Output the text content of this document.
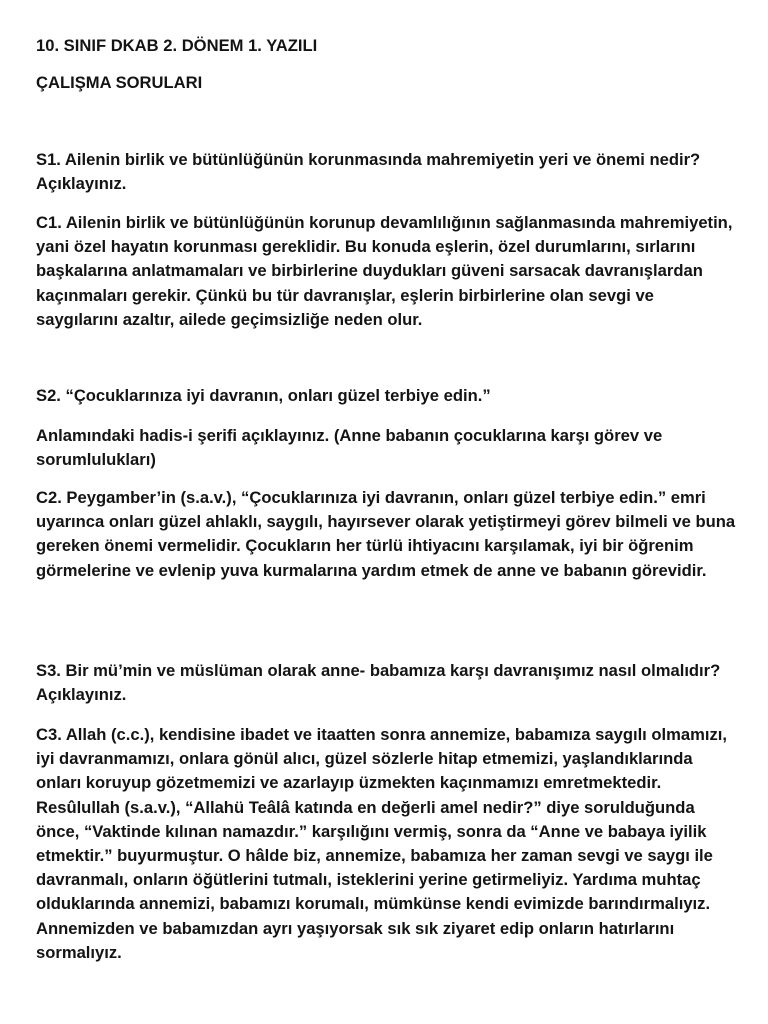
10. SINIF DKAB 2. DÖNEM 1. YAZILI
ÇALIŞMA SORULARI

S1. Ailenin birlik ve bütünlüğünün korunmasında mahremiyetin yeri ve önemi nedir? Açıklayınız.

C1. Ailenin birlik ve bütünlüğünün korunup devamlılığının sağlanmasında mahremiyetin, yani özel hayatın korunması gereklidir. Bu konuda eşlerin, özel durumlarını, sırlarını başkalarına anlatmamaları ve birbirlerine duydukları güveni sarsacak davranışlardan kaçınmaları gerekir. Çünkü bu tür davranışlar, eşlerin birbirlerine olan sevgi ve saygılarını azaltır, ailede geçimsizliğe neden olur.

S2. “Çocuklarınıza iyi davranın, onları güzel terbiye edin.”

Anlamındaki hadis-i şerifi açıklayınız. (Anne babanın çocuklarına karşı görev ve sorumlulukları)

C2. Peygamber’in (s.a.v.), “Çocuklarınıza iyi davranın, onları güzel terbiye edin.” emri uyarınca onları güzel ahlaklı, saygılı, hayırsever olarak yetiştirmeyi görev bilmeli ve buna gereken önemi vermelidir. Çocukların her türlü ihtiyacını karşılamak, iyi bir öğrenim görmelerine ve evlenip yuva kurmalarına yardım etmek de anne ve babanın görevidir.

S3. Bir mü’min ve müslüman olarak anne- babamıza karşı davranışımız nasıl olmalıdır? Açıklayınız.

C3. Allah (c.c.), kendisine ibadet ve itaatten sonra annemize, babamıza saygılı olmamızı, iyi davranmamızı, onlara gönül alıcı, güzel sözlerle hitap etmemizi, yaşlandıklarında onları koruyup gözetmemizi ve azarlayıp üzmekten kaçınmamızı emretmektedir. Resûlullah (s.a.v.), “Allahü Teâlâ katında en değerli amel nedir?” diye sorulduğunda önce, “Vaktinde kılınan namazdır.” karşılığını vermiş, sonra da “Anne ve babaya iyilik etmektir.” buyurmuştur. O hâlde biz, annemize, babamıza her zaman sevgi ve saygı ile davranmalı, onların öğütlerini tutmalı, isteklerini yerine getirmeliyiz. Yardıma muhtaç olduklarında annemizi, babamızı korumalı, mümkünse kendi evimizde barındırmalıyız. Annemizden ve babamızdan ayrı yaşıyorsak sık sık ziyaret edip onların hatırlarını sormalıyız.
